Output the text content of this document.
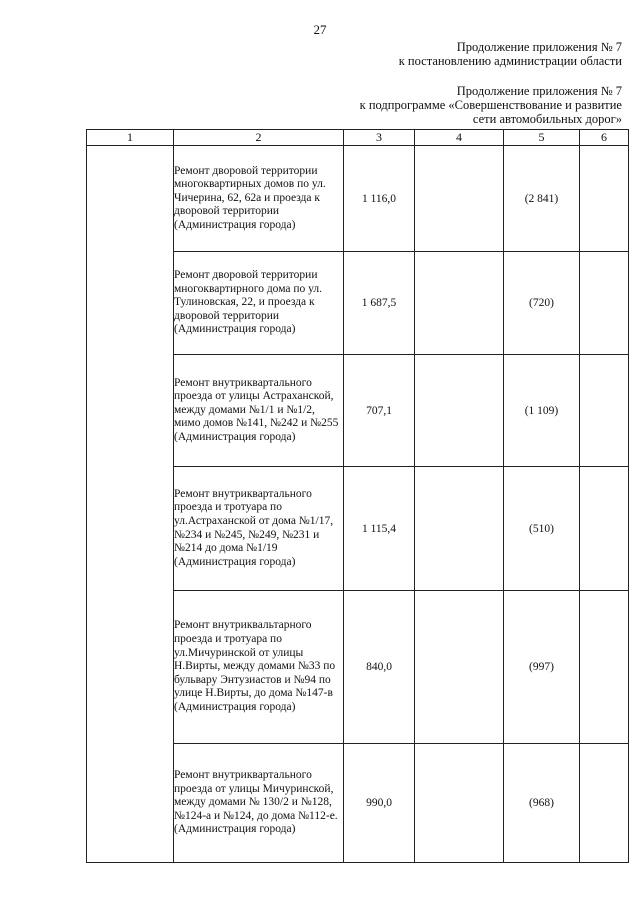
27
Продолжение приложения № 7
к постановлению администрации области
Продолжение приложения № 7
к подпрограмме «Совершенствование и развитие
сети автомобильных дорог»
1	2	3	4	5	6
	Ремонт дворовой территории многоквартирных домов по ул. Чичерина, 62, 62а и проезда к дворовой территории (Администрация города)	1 116,0		(2 841)	
	Ремонт дворовой территории многоквартирного дома по ул. Тулиновская, 22, и проезда к дворовой территории (Администрация города)	1 687,5		(720)	
	Ремонт внутриквартального проезда от улицы Астраханской, между домами №1/1 и №1/2, мимо домов №141, №242 и №255 (Администрация города)	707,1		(1 109)	
	Ремонт внутриквартального проезда и тротуара по ул.Астраханской от дома №1/17, №234 и №245, №249, №231 и №214 до дома №1/19 (Администрация города)	1 115,4		(510)	
	Ремонт внутриквальтарного проезда и тротуара по ул.Мичуринской от улицы Н.Вирты, между домами №33 по бульвару Энтузиастов и №94 по улице Н.Вирты, до дома №147-в (Администрация города)	840,0		(997)	
	Ремонт внутриквартального проезда от улицы Мичуринской, между домами № 130/2 и №128, №124-а и №124, до дома №112-е. (Администрация города)	990,0		(968)	
